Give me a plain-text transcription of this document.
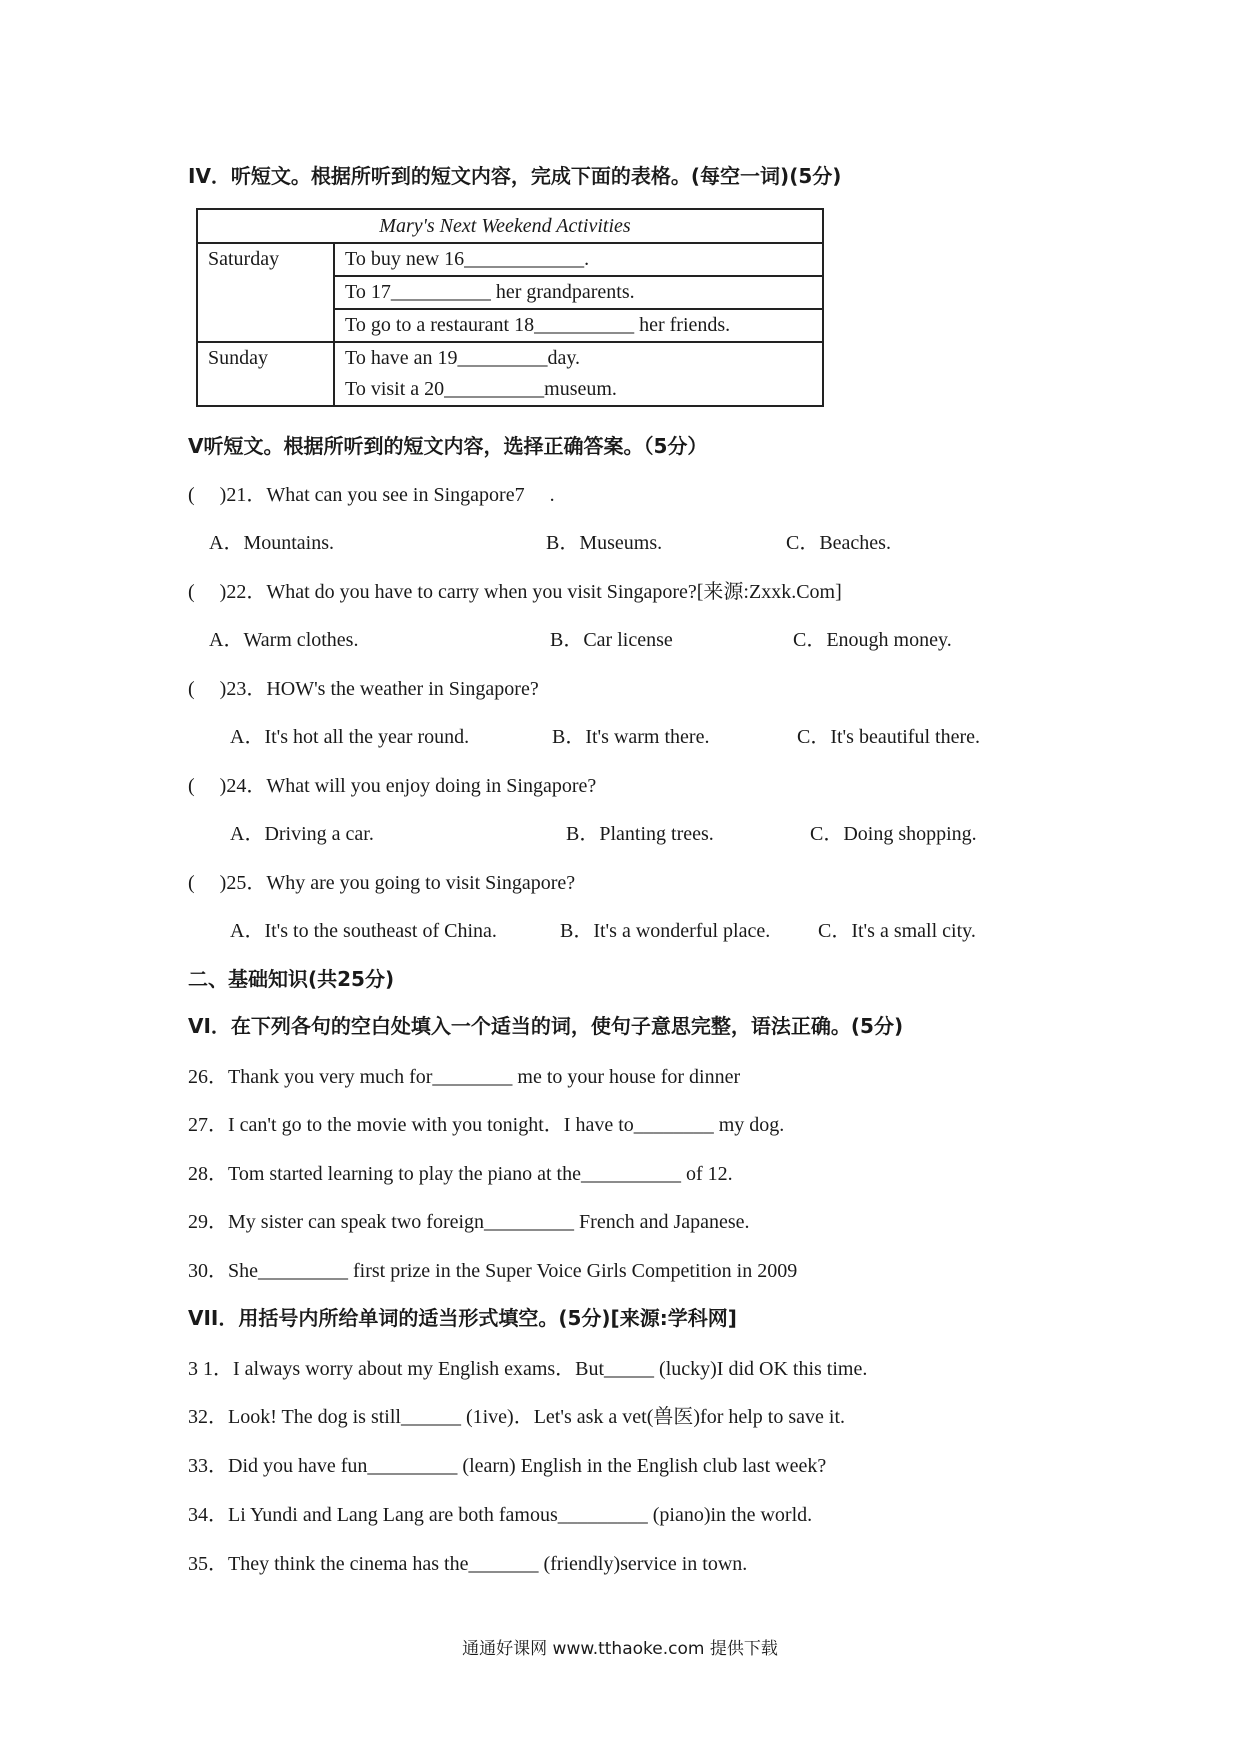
IV．听短文。根据所听到的短文内容，完成下面的表格。(每空一词)(5分)
Mary's Next Weekend Activities	
Saturday	To buy new 16____________.
	To 17__________ her grandparents.
	To go to a restaurant 18__________ her friends.
Sunday	To have an 19_________day.
	To visit a 20__________museum.
V听短文。根据所听到的短文内容，选择正确答案。（5分）
(     )21．What can you see in Singapore7     .
A．Mountains.	B．Museums.	C．Beaches.
(     )22．What do you have to carry when you visit Singapore?[来源:Zxxk.Com]
A．Warm clothes.	B．Car license	C．Enough money.
(     )23．HOW's the weather in Singapore?
A．It's hot all the year round.	B．It's warm there.	C．It's beautiful there.
(     )24．What will you enjoy doing in Singapore?
A．Driving a car.	B．Planting trees.	C．Doing shopping.
(     )25．Why are you going to visit Singapore?
A．It's to the southeast of China.	B．It's a wonderful place. C．It's a small city.
二、基础知识(共25分)
VI．在下列各句的空白处填入一个适当的词，使句子意思完整，语法正确。(5分)
26．Thank you very much for________ me to your house for dinner
27．I can't go to the movie with you tonight．I have to________ my dog.
28．Tom started learning to play the piano at the__________ of 12.
29．My sister can speak two foreign_________ French and Japanese.
30．She_________ first prize in the Super Voice Girls Competition in 2009
VII．用括号内所给单词的适当形式填空。(5分)[来源:学科网]
3 1．I always worry about my English exams．But_____ (lucky)I did OK this time.
32．Look! The dog is still______ (1ive)．Let's ask a vet(兽医)for help to save it.
33．Did you have fun_________ (learn) English in the English club last week?
34．Li Yundi and Lang Lang are both famous_________ (piano)in the world.
35．They think the cinema has the_______ (friendly)service in town.
通通好课网 www.tthaoke.com 提供下载
